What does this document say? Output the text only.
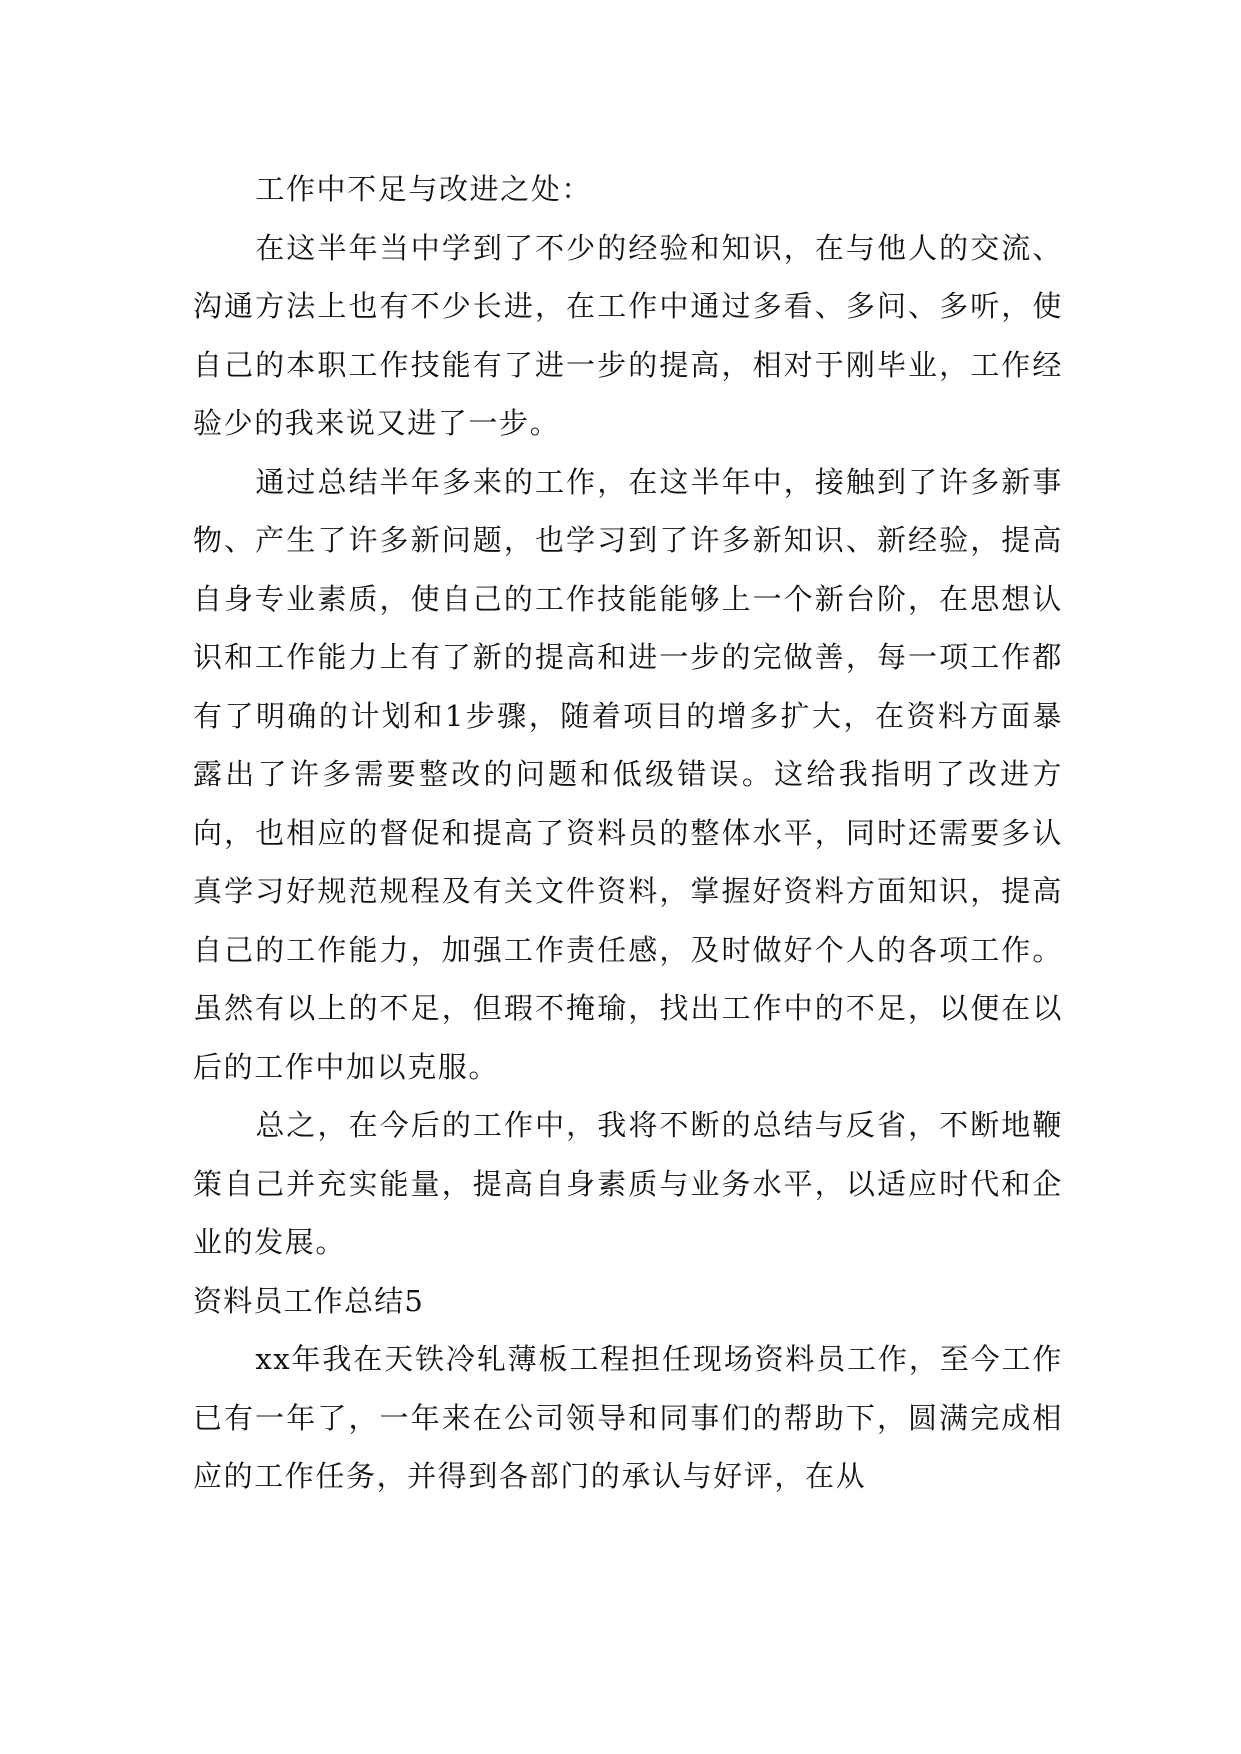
工作中不足与改进之处：

在这半年当中学到了不少的经验和知识，在与他人的交流、沟通方法上也有不少长进，在工作中通过多看、多问、多听，使自己的本职工作技能有了进一步的提高，相对于刚毕业，工作经验少的我来说又进了一步。

通过总结半年多来的工作，在这半年中，接触到了许多新事物、产生了许多新问题，也学习到了许多新知识、新经验，提高自身专业素质，使自己的工作技能能够上一个新台阶，在思想认识和工作能力上有了新的提高和进一步的完做善，每一项工作都有了明确的计划和1步骤，随着项目的增多扩大，在资料方面暴露出了许多需要整改的问题和低级错误。这给我指明了改进方向，也相应的督促和提高了资料员的整体水平，同时还需要多认真学习好规范规程及有关文件资料，掌握好资料方面知识，提高自己的工作能力，加强工作责任感，及时做好个人的各项工作。虽然有以上的不足，但瑕不掩瑜，找出工作中的不足，以便在以后的工作中加以克服。

总之，在今后的工作中，我将不断的总结与反省，不断地鞭策自己并充实能量，提高自身素质与业务水平，以适应时代和企业的发展。

资料员工作总结5

xx年我在天铁冷轧薄板工程担任现场资料员工作，至今工作已有一年了，一年来在公司领导和同事们的帮助下，圆满完成相应的工作任务，并得到各部门的承认与好评，在从
